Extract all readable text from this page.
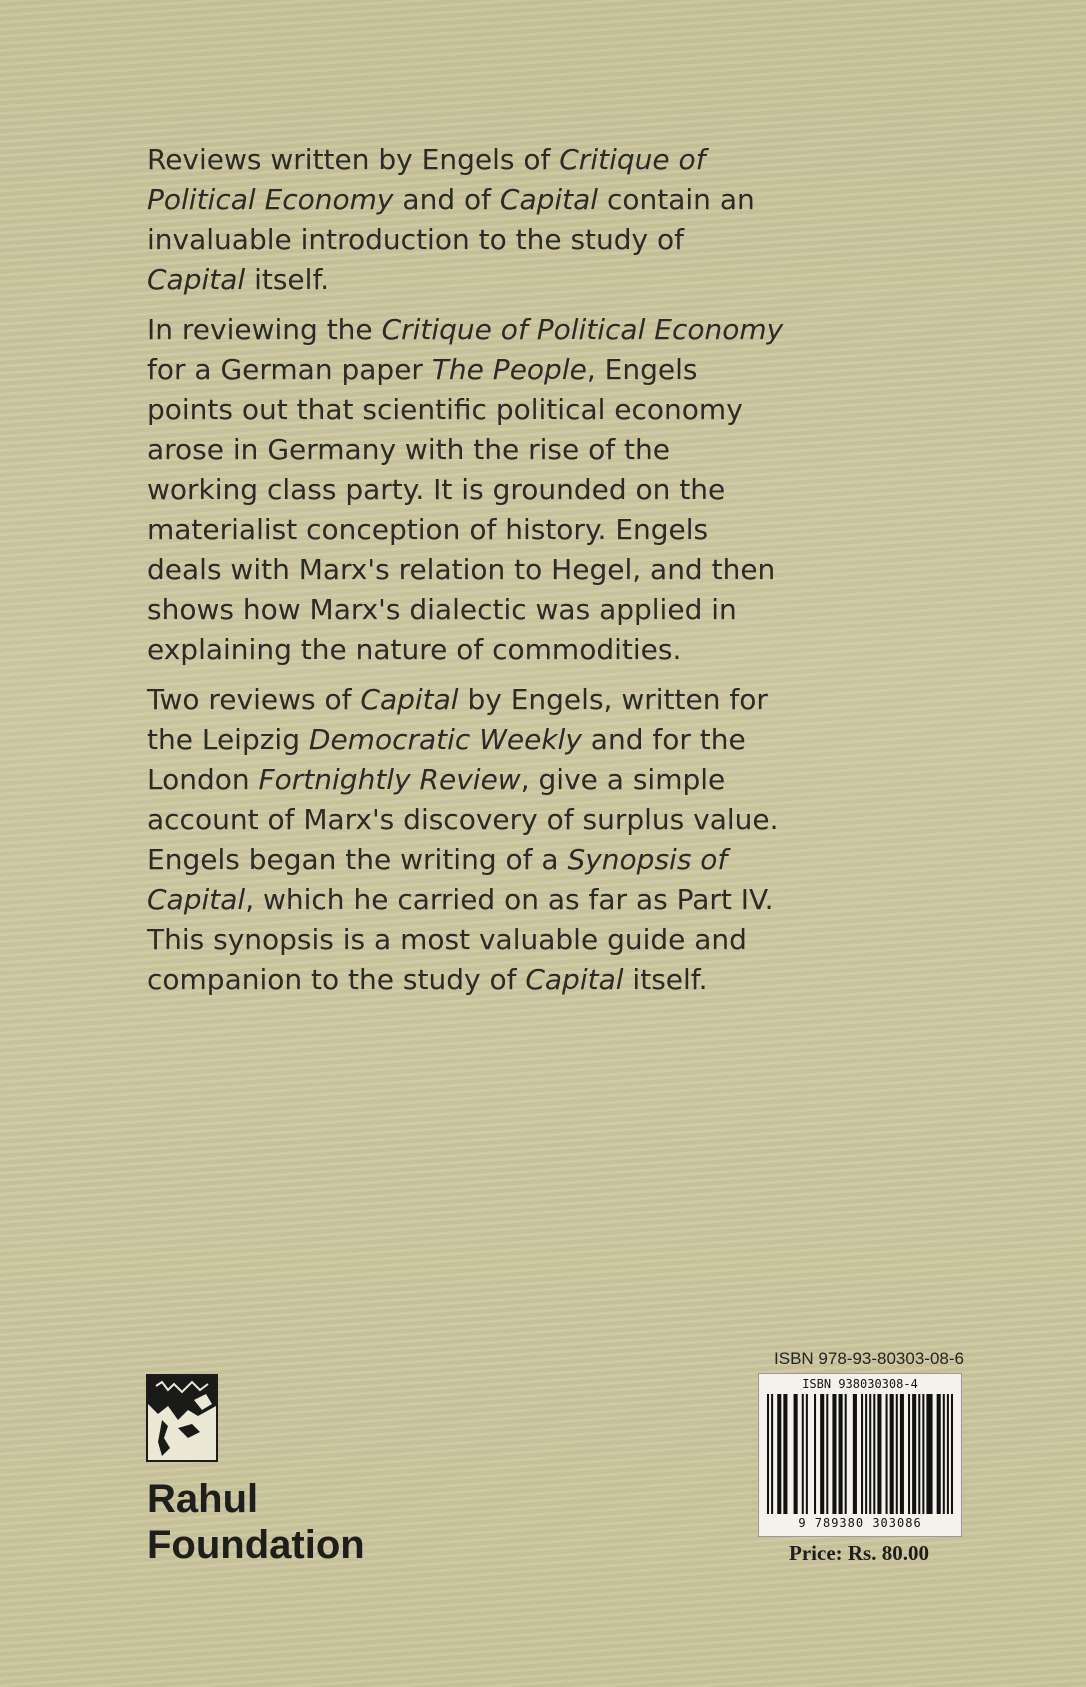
Reviews written by Engels of Critique of Political Economy and of Capital contain an invaluable introduction to the study of Capital itself.

In reviewing the Critique of Political Economy for a German paper The People, Engels points out that scientific political economy arose in Germany with the rise of the working class party. It is grounded on the materialist conception of history. Engels deals with Marx's relation to Hegel, and then shows how Marx's dialectic was applied in explaining the nature of commodities.

Two reviews of Capital by Engels, written for the Leipzig Democratic Weekly and for the London Fortnightly Review, give a simple account of Marx's discovery of surplus value. Engels began the writing of a Synopsis of Capital, which he carried on as far as Part IV. This synopsis is a most valuable guide and companion to the study of Capital itself.

Rahul
Foundation
ISBN 978-93-80303-08-6
ISBN 938030308-4
9 789380 303086
Price: Rs. 80.00
